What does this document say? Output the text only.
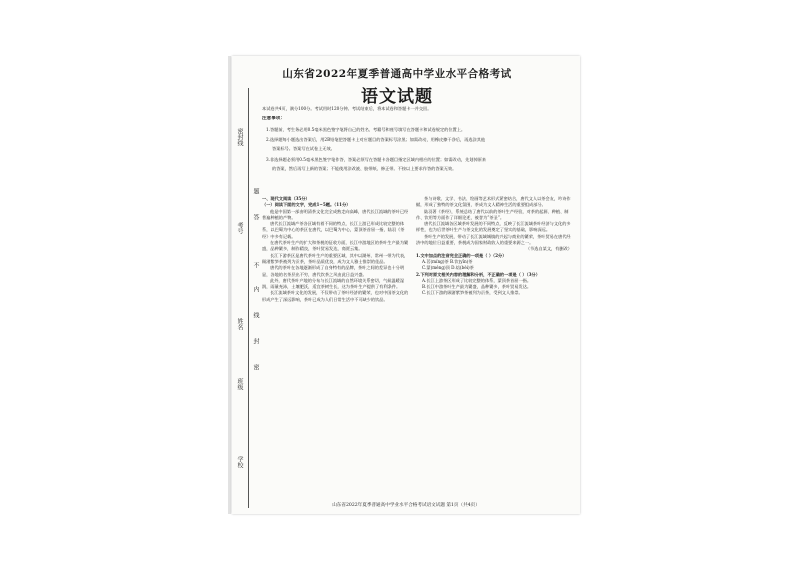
密封线
考号
姓名
班级
学校
题
答
不
内
线
封
密
山东省2022年夏季普通高中学业水平合格考试
语文试题
本试卷共4页，满分100分。考试用时120分钟。考试结束后，将本试卷和答题卡一并交回。
注意事项：
1.答题前，考生务必用0.5毫米黑色签字笔将自己的姓名、考籍号和座号填写在答题卡和试卷规定的位置上。
2.选择题每小题选出答案后，用2B铅笔把答题卡上对应题目的答案标号涂黑；如需改动，用橡皮擦干净后，再选涂其他
答案标号。答案写在试卷上无效。
3.非选择题必须用0.5毫米黑色签字笔作答，答案必须写在答题卡各题目指定区域内相应的位置；如需改动，先划掉原来
的答案，然后再写上新的答案；不能使用涂改液、胶带纸、修正带。不按以上要求作答的答案无效。

一、现代文阅读（35分）

（一）阅读下面的文字，完成1~5题。（11分）

他是中国第一部由明清茶文化完全成熟走向高峰，唐代长江流域的茶叶已经普遍种植的产物。

唐代长江流域产茶各区域有着不同的特点，长江上游已形成比较完整的体系，以巴蜀为中心的茶区在唐代，以巴蜀为中心，蒙顶茶首屈一指，陆羽《茶经》中多有记载。

在唐代茶叶生产的扩大和茶税的征收方面，长江中游地区的茶叶生产最为繁盛，品种繁多，制作精良，茶叶贸易发达，商贾云集。

长江下游茶区是唐代茶叶生产的重要区域，其中以湖州、常州一带为代表，顾渚紫笋茶被列为贡茶，茶叶品质优良，成为文人雅士推崇的佳品。

唐代的茶叶在各地逐渐形成了自身特有的品牌，茶叶之间的差异也十分明显，各地的名茶层出不穷，唐代饮茶之风由此日益兴盛。

此外，唐代茶叶产地的分布与长江流域的自然环境关系密切，气候温暖湿润，雨量充沛，土壤肥沃，适宜茶树生长，这为茶叶生产提供了有利条件。

长江流域茶叶文化的发展，不仅带动了茶叶经济的繁荣，也对中国茶文化的形成产生了深远影响，茶叶已成为人们日常生活中不可缺少的饮品。

茶与诗歌、文学、书法、绘画等艺术形式紧密结合，唐代文人以茶会友，吟诗作赋，形成了独特的茶文化氛围，茶成为文人精神生活的重要组成部分。

陆羽著《茶经》，系统总结了唐代以前的茶叶生产经验，对茶的起源、种植、制作、饮用等方面作了详细论述，被誉为“茶圣”。

唐代长江流域各区域茶叶发展的不同特点，反映了长江流域茶叶经济与文化的多样性，也为后世茶叶生产与茶文化的发展奠定了坚实的基础，影响深远。

茶叶生产的发展，带动了长江流域城镇的兴起与商业的繁荣，茶叶贸易在唐代经济中的地位日益重要，茶税成为国家财政收入的重要来源之一。

（节选自某文，有删改）

1.文中加点的注音完全正确的一项是（ ）（2分）

A.茗(míng)茶 B.饮(yǐn)茶

C.蒙(méng)顶 D.焙(bèi)茶

2.下列对原文相关内容的理解和分析，不正确的一项是（ ）（3分）

A.长江上游茶区形成了比较完整的体系，蒙顶茶首屈一指。

B.长江中游茶叶生产最为繁盛，品种繁多，茶叶贸易发达。

C.长江下游的顾渚紫笋茶被列为贡茶，受到文人推崇。

山东省2022年夏季普通高中学业水平合格考试语文试题 第1页（共4页）
